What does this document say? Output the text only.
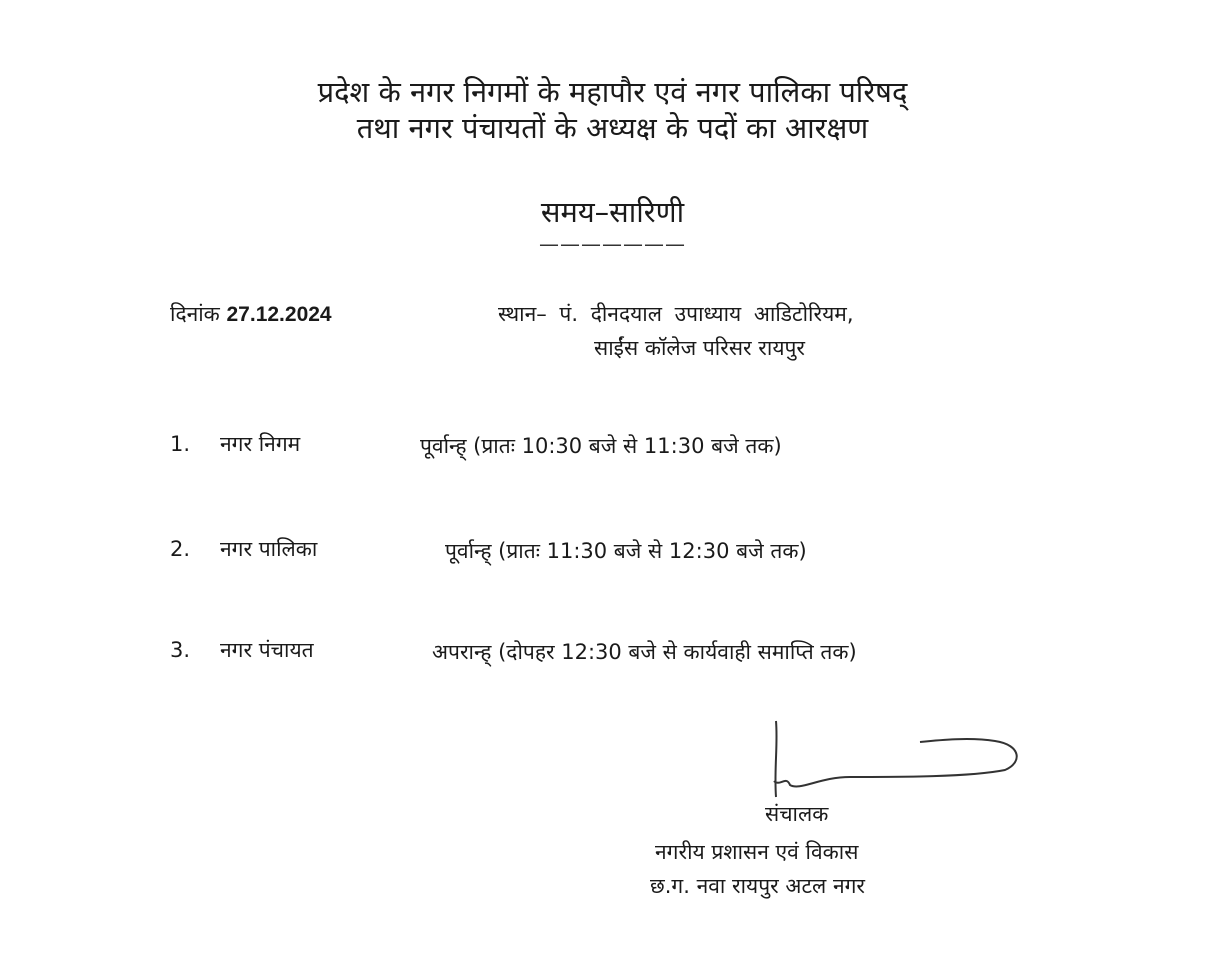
प्रदेश के नगर निगमों के महापौर एवं नगर पालिका परिषद्
तथा नगर पंचायतों के अध्यक्ष के पदों का आरक्षण
समय–सारिणी
———————
दिनांक 27.12.2024	स्थान– पं. दीनदयाल उपाध्याय आडिटोरियम,
साईंस कॉलेज परिसर रायपुर
1. नगर निगम	पूर्वान्ह् (प्रातः 10:30 बजे से 11:30 बजे तक)
2. नगर पालिका	पूर्वान्ह् (प्रातः 11:30 बजे से 12:30 बजे तक)
3. नगर पंचायत	अपरान्ह् (दोपहर 12:30 बजे से कार्यवाही समाप्ति तक)
संचालक
नगरीय प्रशासन एवं विकास
छ.ग. नवा रायपुर अटल नगर
